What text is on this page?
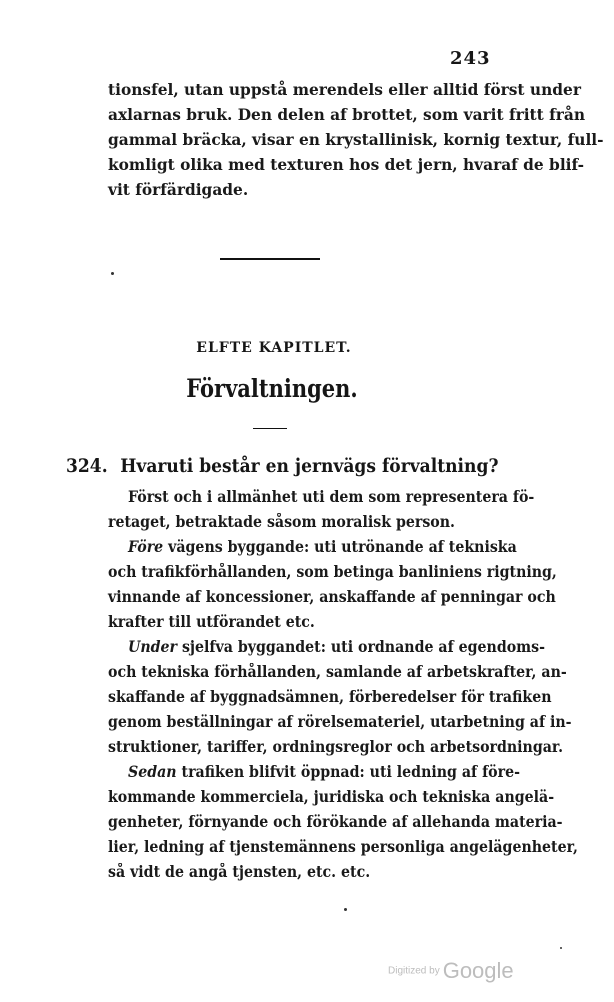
243
tionsfel, utan uppstå merendels eller alltid först under
axlarnas bruk. Den delen af brottet, som varit fritt från
gammal bräcka, visar en krystallinisk, kornig textur, full-
komligt olika med texturen hos det jern, hvaraf de blif-
vit förfärdigade.
ELFTE KAPITLET.
Förvaltningen.
324. Hvaruti består en jernvägs förvaltning?
Först och i allmänhet uti dem som representera fö-
retaget, betraktade såsom moralisk person.
Före vägens byggande: uti utrönande af tekniska
och trafikförhållanden, som betinga banliniens rigtning,
vinnande af koncessioner, anskaffande af penningar och
krafter till utförandet etc.
Under sjelfva byggandet: uti ordnande af egendoms-
och tekniska förhållanden, samlande af arbetskrafter, an-
skaffande af byggnadsämnen, förberedelser för trafiken
genom beställningar af rörelsemateriel, utarbetning af in-
struktioner, tariffer, ordningsreglor och arbetsordningar.
Sedan trafiken blifvit öppnad: uti ledning af före-
kommande kommerciela, juridiska och tekniska angelä-
genheter, förnyande och förökande af allehanda materia-
lier, ledning af tjenstemännens personliga angelägenheter,
så vidt de angå tjensten, etc. etc.
Digitized by Google
